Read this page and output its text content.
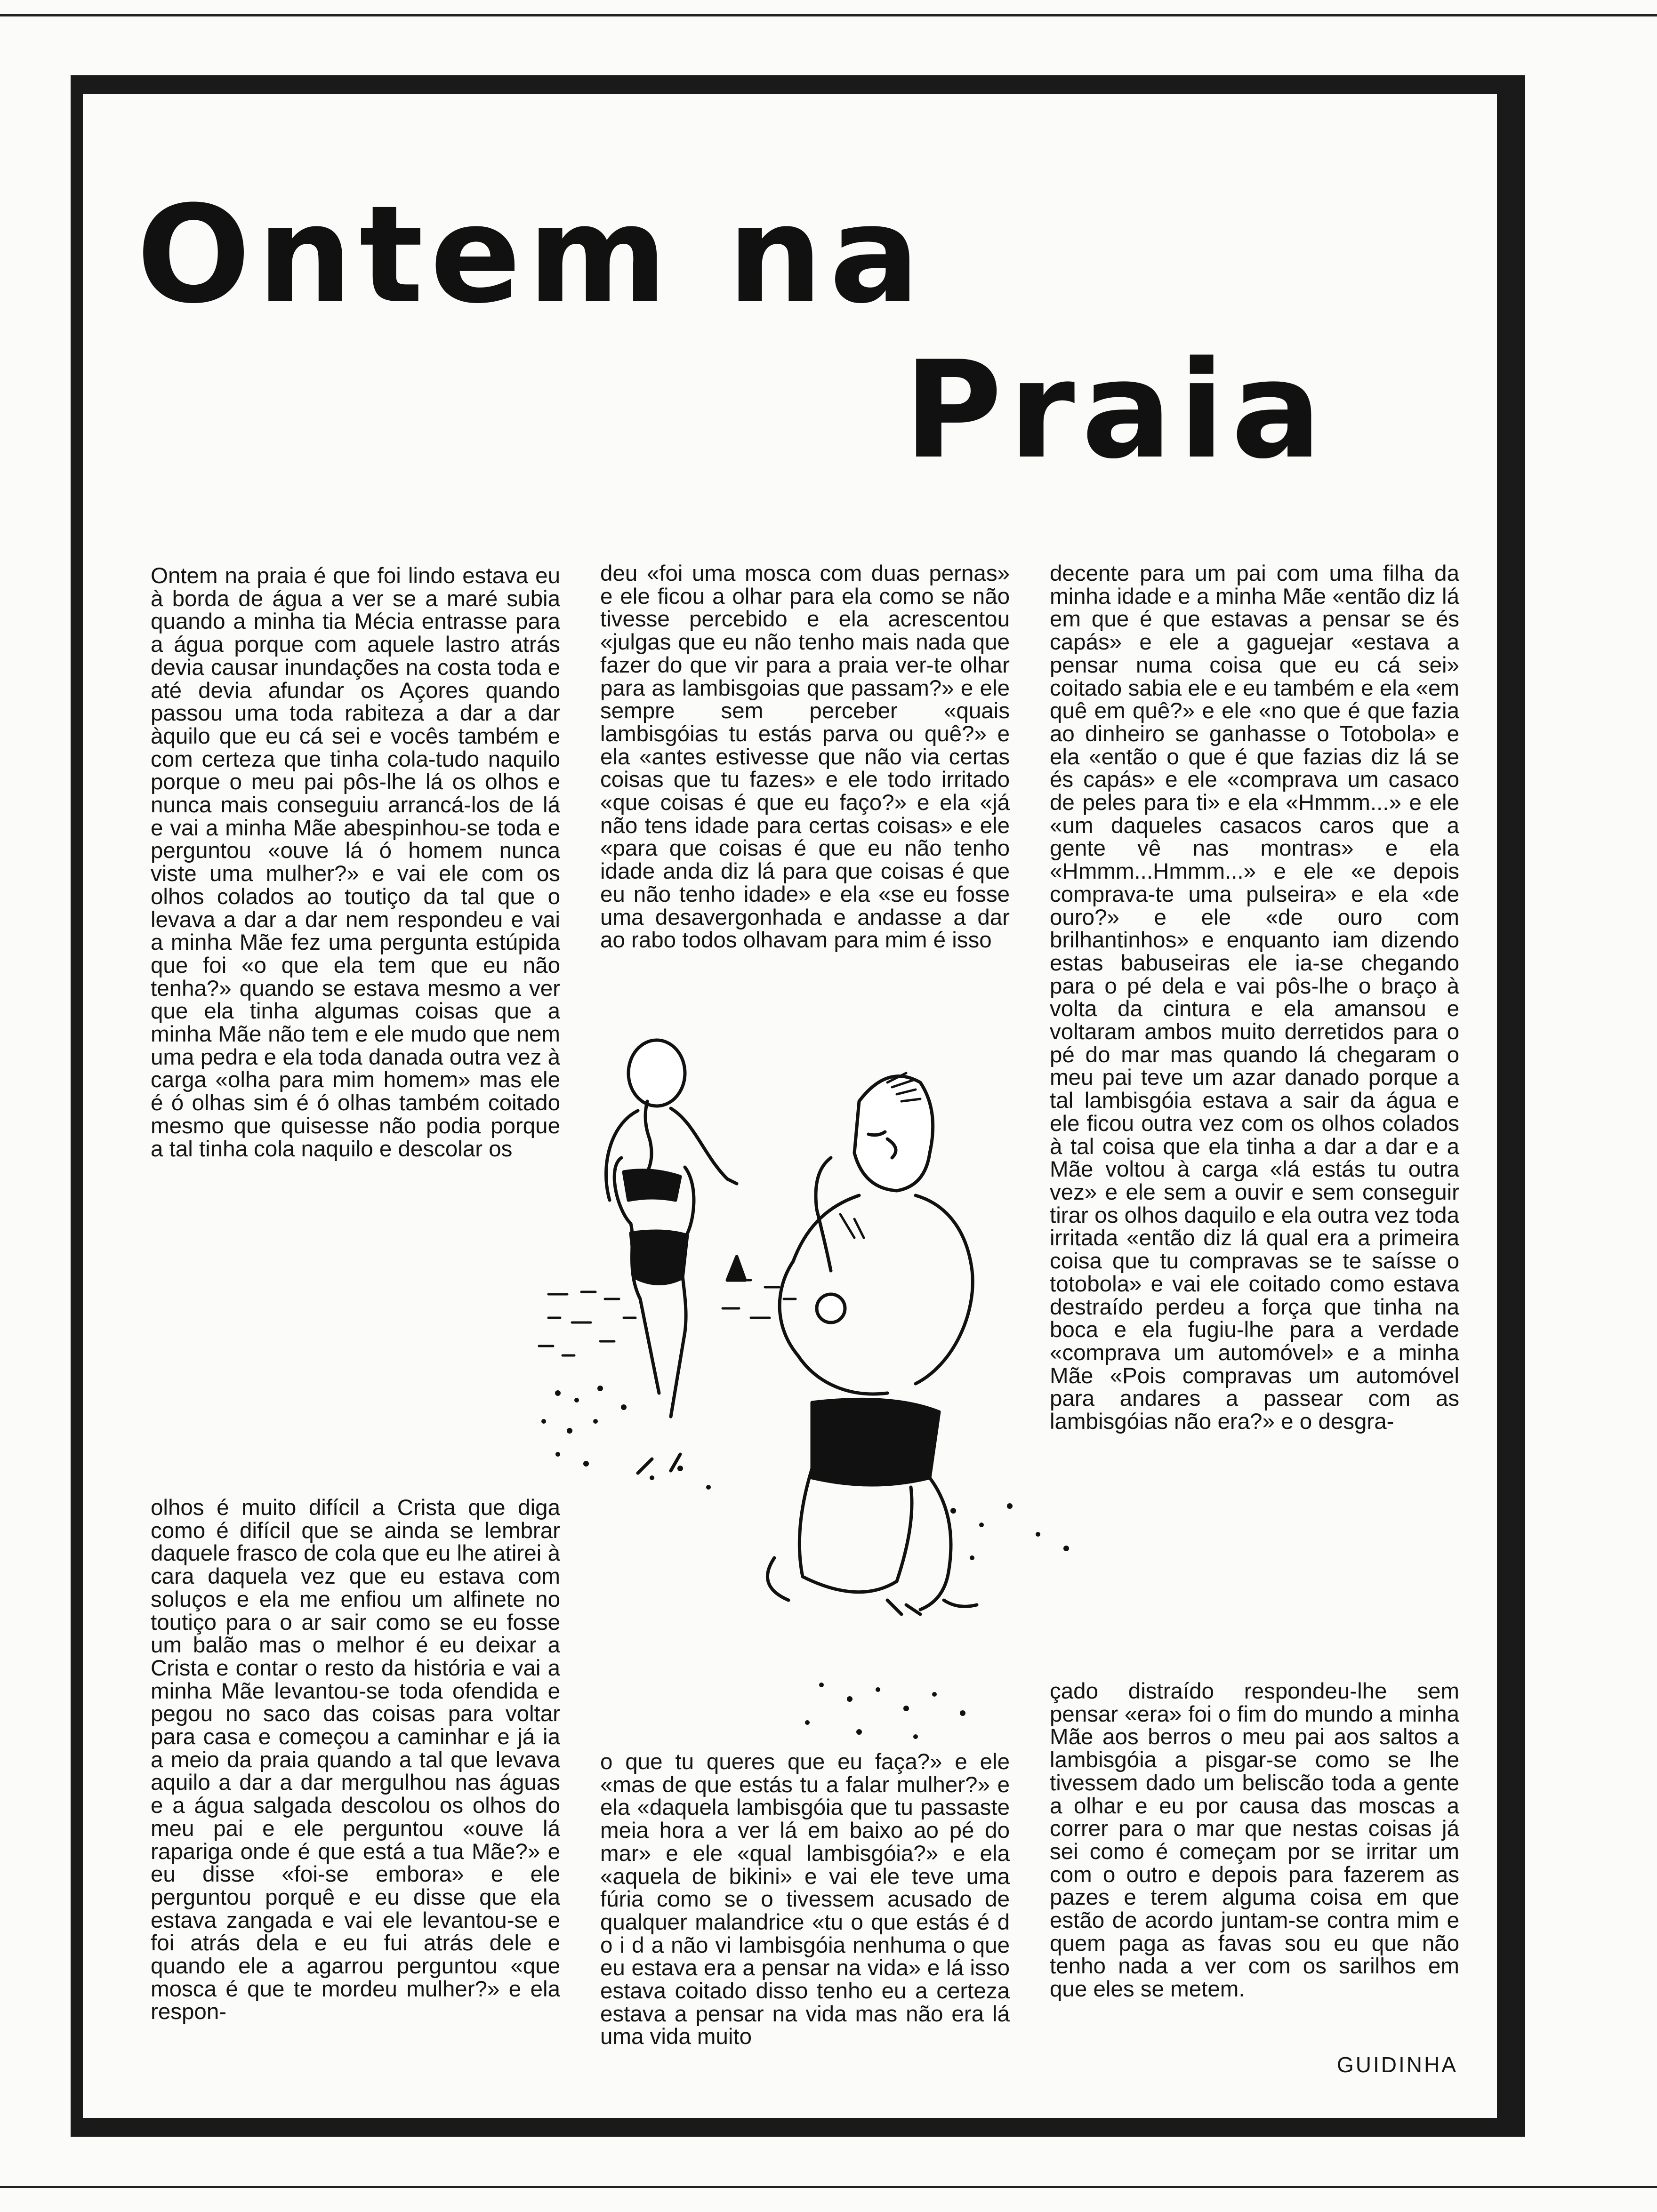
Ontem na
Praia

Ontem na praia é que foi lindo estava eu à borda de água a ver se a maré subia quando a minha tia Mécia entrasse para a água porque com aquele lastro atrás devia causar inundações na costa toda e até devia afundar os Açores quando passou uma toda rabiteza a dar a dar àquilo que eu cá sei e vocês também e com certeza que tinha cola-tudo naquilo porque o meu pai pôs-lhe lá os olhos e nunca mais conseguiu arrancá-los de lá e vai a minha Mãe abespinhou-se toda e perguntou «ouve lá ó homem nunca viste uma mulher?» e vai ele com os olhos colados ao toutiço da tal que o levava a dar a dar nem respondeu e vai a minha Mãe fez uma pergunta estúpida que foi «o que ela tem que eu não tenha?» quando se estava mesmo a ver que ela tinha algumas coisas que a minha Mãe não tem e ele mudo que nem uma pedra e ela toda danada outra vez à carga «olha para mim homem» mas ele é ó olhas sim é ó olhas também coitado mesmo que quisesse não podia porque a tal tinha cola naquilo e descolar os

olhos é muito difícil a Crista que diga como é difícil que se ainda se lembrar daquele frasco de cola que eu lhe atirei à cara daquela vez que eu estava com soluços e ela me enfiou um alfinete no toutiço para o ar sair como se eu fosse um balão mas o melhor é eu deixar a Crista e contar o resto da história e vai a minha Mãe levantou-se toda ofendida e pegou no saco das coisas para voltar para casa e começou a caminhar e já ia a meio da praia quando a tal que levava aquilo a dar a dar mergulhou nas águas e a água salgada descolou os olhos do meu pai e ele perguntou «ouve lá rapariga onde é que está a tua Mãe?» e eu disse «foi-se embora» e ele perguntou porquê e eu disse que ela estava zangada e vai ele levantou-se e foi atrás dela e eu fui atrás dele e quando ele a agarrou perguntou «que mosca é que te mordeu mulher?» e ela respon-

deu «foi uma mosca com duas pernas» e ele ficou a olhar para ela como se não tivesse percebido e ela acrescentou «julgas que eu não tenho mais nada que fazer do que vir para a praia ver-te olhar para as lambisgoias que passam?» e ele sempre sem perceber «quais lambisgóias tu estás parva ou quê?» e ela «antes estivesse que não via certas coisas que tu fazes» e ele todo irritado «que coisas é que eu faço?» e ela «já não tens idade para certas coisas» e ele «para que coisas é que eu não tenho idade anda diz lá para que coisas é que eu não tenho idade» e ela «se eu fosse uma desavergonhada e andasse a dar ao rabo todos olhavam para mim é isso

o que tu queres que eu faça?» e ele «mas de que estás tu a falar mulher?» e ela «daquela lambisgóia que tu passaste meia hora a ver lá em baixo ao pé do mar» e ele «qual lambisgóia?» e ela «aquela de bikini» e vai ele teve uma fúria como se o tivessem acusado de qualquer malandrice «tu o que estás é d o i d a não vi lambisgóia nenhuma o que eu estava era a pensar na vida» e lá isso estava coitado disso tenho eu a certeza estava a pensar na vida mas não era lá uma vida muito

decente para um pai com uma filha da minha idade e a minha Mãe «então diz lá em que é que estavas a pensar se és capás» e ele a gaguejar «estava a pensar numa coisa que eu cá sei» coitado sabia ele e eu também e ela «em quê em quê?» e ele «no que é que fazia ao dinheiro se ganhasse o Totobola» e ela «então o que é que fazias diz lá se és capás» e ele «comprava um casaco de peles para ti» e ela «Hmmm...» e ele «um daqueles casacos caros que a gente vê nas montras» e ela «Hmmm...Hmmm...» e ele «e depois comprava-te uma pulseira» e ela «de ouro?» e ele «de ouro com brilhantinhos» e enquanto iam dizendo estas babuseiras ele ia-se chegando para o pé dela e vai pôs-lhe o braço à volta da cintura e ela amansou e voltaram ambos muito derretidos para o pé do mar mas quando lá chegaram o meu pai teve um azar danado porque a tal lambisgóia estava a sair da água e ele ficou outra vez com os olhos colados à tal coisa que ela tinha a dar a dar e a Mãe voltou à carga «lá estás tu outra vez» e ele sem a ouvir e sem conseguir tirar os olhos daquilo e ela outra vez toda irritada «então diz lá qual era a primeira coisa que tu compravas se te saísse o totobola» e vai ele coitado como estava destraído perdeu a força que tinha na boca e ela fugiu-lhe para a verdade «comprava um automóvel» e a minha Mãe «Pois compravas um automóvel para andares a passear com as lambisgóias não era?» e o desgra-

çado distraído respondeu-lhe sem pensar «era» foi o fim do mundo a minha Mãe aos berros o meu pai aos saltos a lambisgóia a pisgar-se como se lhe tivessem dado um beliscão toda a gente a olhar e eu por causa das moscas a correr para o mar que nestas coisas já sei como é começam por se irritar um com o outro e depois para fazerem as pazes e terem alguma coisa em que estão de acordo juntam-se contra mim e quem paga as favas sou eu que não tenho nada a ver com os sarilhos em que eles se metem.

GUIDINHA
